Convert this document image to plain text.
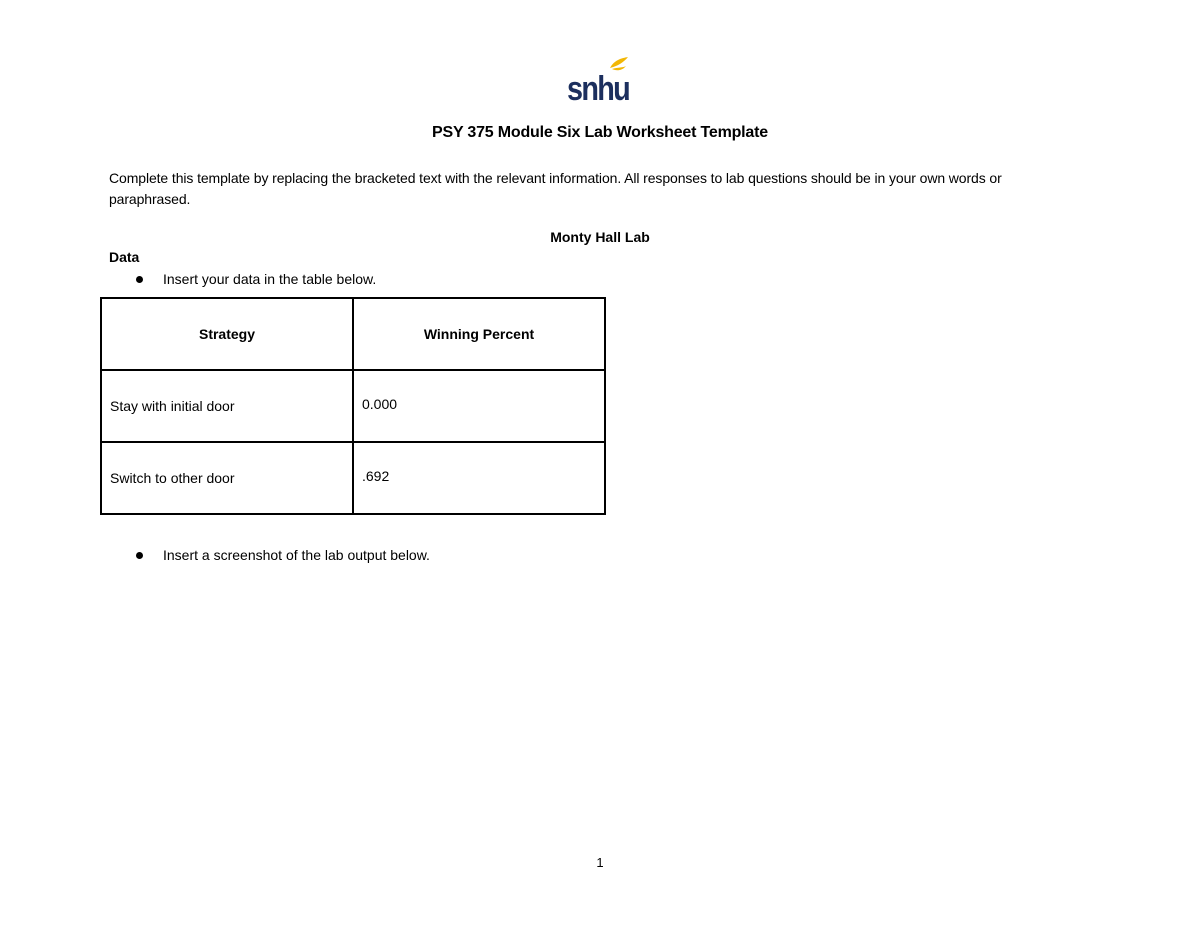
snhu
PSY 375 Module Six Lab Worksheet Template
Complete this template by replacing the bracketed text with the relevant information. All responses to lab questions should be in your own words or paraphrased.
Monty Hall Lab
Data
Insert your data in the table below.
Strategy	Winning Percent
Stay with initial door	0.000
Switch to other door	.692
Insert a screenshot of the lab output below.
1
